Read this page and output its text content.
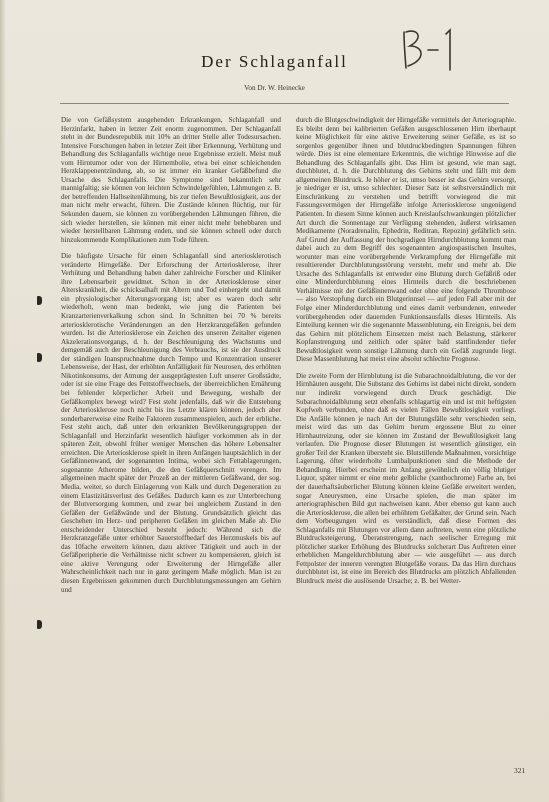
Der Schlaganfall
Von Dr. W. Heinecke

Die von Gefäßsystem ausgehenden Erkrankungen, Schlaganfall und Herzinfarkt, haben in letzter Zeit enorm zugenommen. Der Schlaganfall steht in der Bundesrepublik mit 10% an dritter Stelle aller Todesursachen. Intensive Forschungen haben in letzter Zeit über Erkennung, Verhütung und Behandlung des Schlaganfalls wichtige neue Ergebnisse erzielt. Meist muß vom Hirntumor oder von der Hirnembolie, etwa bei einer schleichenden Herzklappenentzündung, ab, so ist immer ein kranker Gefäßbefund die Ursache des Schlaganfalls. Die Symptome sind bekanntlich sehr mannigfaltig; sie können von leichten Schwindelgefühlen, Lähmungen z. B. der betreffenden Halbseitenlähmung, bis zur tiefen Bewußtlosigkeit, aus der man nicht mehr erwacht, führen. Die Zustände können flüchtig, nur für Sekunden dauern, sie können zu vorübergehenden Lähmungen führen, die sich wieder herstellen, sie können mit einer nicht mehr behebbaren und wieder herstellbaren Lähmung enden, und sie können schnell oder durch hinzukommende Komplikationen zum Tode führen.

Die häufigste Ursache für einen Schlaganfall sind arteriosklerotisch veränderte Hirngefäße. Der Erforschung der Arteriosklerose, ihrer Verhütung und Behandlung haben daher zahlreiche Forscher und Kliniker ihre Lebensarbeit gewidmet. Schon in der Arteriosklerose einer Alterskrankheit, die schicksalhaft mit Altern und Tod einhergeht und damit ein physiologischer Alterungsvorgang ist; aber es waren doch sehr wiederholt, wenn man bedenkt, wie jung die Patienten bei Kranzarterienverkalkung schon sind. In Schnitten bei 70 % bereits arteriosklerotische Veränderungen an den Herzkranzgefäßen gefunden wurden. Ist die Arteriosklerose ein Zeichen des unseren Zeitalter eigenen Akzelerationsvorgangs, d. h. der Beschleunigung des Wachstums und demgemäß auch der Beschleunigung des Verbrauchs, ist sie der Ausdruck der ständigen Inanspruchnahme durch Tempo und Konzentration unserer Lebensweise, der Hast, der erhöhten Anfälligkeit für Neurosen, des erhöhten Nikotinkonsums, der Atmung der ausgeprägtesten Luft unserer Großstädte, oder ist sie eine Frage des Fettstoffwechsels, der überreichlichen Ernährung bei fehlender körperlicher Arbeit und Bewegung, weshalb der Gefäßkomplex bewegt wird? Fest steht jedenfalls, daß wir die Entstehung der Arteriosklerose noch nicht bis ins Letzte klären können, jedoch aber sonderbarerweise eine Reihe Faktoren zusammenspielen, auch der erbliche. Fest steht auch, daß unter den erkrankten Bevölkerungsgruppen der Schlaganfall und Herzinfarkt wesentlich häufiger vorkommen als in der späteren Zeit, obwohl früher weniger Menschen das höhere Lebensalter erreichten. Die Arteriosklerose spielt in ihren Anfängen hauptsächlich in der Gefäßinnenwand, der sogenannten Intima, wobei sich Fettablagerungen, sogenannte Atherome bilden, die den Gefäßquerschnitt verengen. Im allgemeinen macht später der Prozeß an der mittleren Gefäßwand, der sog. Media, weiter, so durch Einlagerung von Kalk und durch Degeneration zu einem Elastizitätsverlust des Gefäßes. Dadurch kann es zur Unterbrechung der Blutversorgung kommen, und zwar bei ungleichem Zustand in den Gefäßen der Gefäßwände und der Blutung. Grundsätzlich gleicht das Geschehen im Herz- und peripheren Gefäßen im gleichen Maße ab. Die entscheidender Unterschied besteht jedoch: Während sich die Herzkranzgefäße unter erhöhter Sauerstoffbedarf des Herzmuskels bis auf das 10fache erweitern können, dazu aktiver Tätigkeit und auch in der Gefäßperipherie die Verhältnisse nicht schwer zu kompensieren, gleich ist eine aktive Verengung oder Erweiterung der Hirngefäße aller Wahrscheinlichkeit nach nur in ganz geringem Maße möglich. Man ist zu diesen Ergebnissen gekommen durch Durchblutungsmessungen am Gehirn und

durch die Blutgeschwindigkeit der Hirngefäße vermittels der Arteriographie. Es bleibt denn bei kalibrierten Gefäßen ausgeschlossenen Hirn überhaupt keine Möglichkeit für eine aktive Erweiterung seiner Gefäße, es ist so sorgenlos gegenüber ihnen und blutdruckbedingten Spannungen führen würde. Dies ist eine elementare Erkenntnis, die wichtige Hinweise auf die Behandlung des Schlaganfalls gibt. Das Hirn ist gesund, wie man sagt, durchblutet, d. h. die Durchblutung des Gehirns steht und fällt mit dem allgemeinen Blutdruck. Je höher er ist, umso besser ist das Gehirn versorgt, je niedriger er ist, umso schlechter. Dieser Satz ist selbstverständlich mit Einschränkung zu verstehen und betrifft vorwiegend die mit Fassungsvermögen der Hirngefäße infolge Arteriosklerose ungenügend Patienten. In diesem Sinne können auch Kreislaufschwankungen plötzlicher Art durch die Sonnentage zur Verfügung stehenden, äußerst wirksamen Medikamente (Noradrenalin, Ephedrin, Reditran, Repozin) gefährlich sein. Auf Grund der Auffassung der hochgradigen Hirndurchblutung kommt man dabei auch zu dem Begriff des sogenannten angiospastischen Insultes, worunter man eine vorübergehende Verkrampfung der Hirngefäße mit resultierender Durchblutungsstörung versteht, mehr und mehr ab. Die Ursache des Schlaganfalls ist entweder eine Blutung durch Gefäßriß oder eine Minderdurchblutung eines Hirnteils durch die beschriebenen Verhältnisse mit der Gefäßinnenwand oder ohne eine folgende Thrombose — also Verstopfung durch ein Blutgerinnsel — auf jeden Fall aber mit der Folge einer Minderdurchblutung und eines damit verbundenen, entweder vorübergehenden oder dauernden Funktionsausfalls dieses Hirnteils. Als Einteilung kennen wir die sogenannte Massenblutung, ein Ereignis, bei dem das Gehirn mit plötzlichem Einsetzen meist nach Belastung, stärkerer Kopfanstrengung und zeitlich oder später bald stattfindender tiefer Bewußtlosigkeit wenn sonstige Lähmung durch ein Gefäß zugrunde liegt. Diese Massenblutung hat meist eine absolut schlechte Prognose.

Die zweite Form der Hirnblutung ist die Subarachnoidalblutung, die vor der Hirnhäuten ausgeht. Die Substanz des Gehirns ist dabei nicht direkt, sondern nur indirekt vorwiegend durch Druck geschädigt. Die Subarachnoidalblutung setzt ebenfalls schlagartig ein und ist mit heftigsten Kopfweh verbunden, ohne daß es vielen Fällen Bewußtlosigkeit vorliegt. Die Anfälle können je nach Art der Blutungsfälle sehr verschieden sein, meist wird das um das Gehirn herum ergossene Blut zu einer Hirnhautreizung, oder sie können im Zustand der Bewußtlosigkeit lang verlaufen. Die Prognose dieser Blutungen ist wesentlich günstiger, ein großer Teil der Kranken übersteht sie. Blutstillende Maßnahmen, vorsichtige Lagerung, öfter wiederholte Lumbalpunktionen sind die Methode der Behandlung. Hierbei erscheint im Anfang gewöhnlich ein völlig blutiger Liquor, später nimmt er eine mehr gelbliche (xanthochrome) Farbe an, bei der dauerhaftsäuberlicher Blutung können kleine Gefäße erweitert werden, sogar Aneurysmen, eine Ursache spielen, die man später im arteriographischen Bild gut nachweisen kann. Aber ebenso gut kann auch die Arteriosklerose, die allen bei erhöhtem Gefäßalter, der Grund sein. Nach dem Vorbeugungen wird es verständlich, daß diese Formen des Schlaganfalls mit Blutungen vor allem dann auftreten, wenn eine plötzliche Blutdrucksteigerung, Überanstrengung, nach seelischer Erregung mit plötzlicher starker Erhöhung des Blutdrucks solcherart Das Auftreten einer erheblichen Mangeldurchblutung aber — wie ausgeführt — aus durch Fettpolster der inneren verengten Blutgefäße voraus. Da das Hirn durchaus durchblutet ist, ist eine im Bereich des Blutdrucks am plötzlich Abfallenden Blutdruck meist die auslösende Ursache; z. B. bei Wetter-

321
